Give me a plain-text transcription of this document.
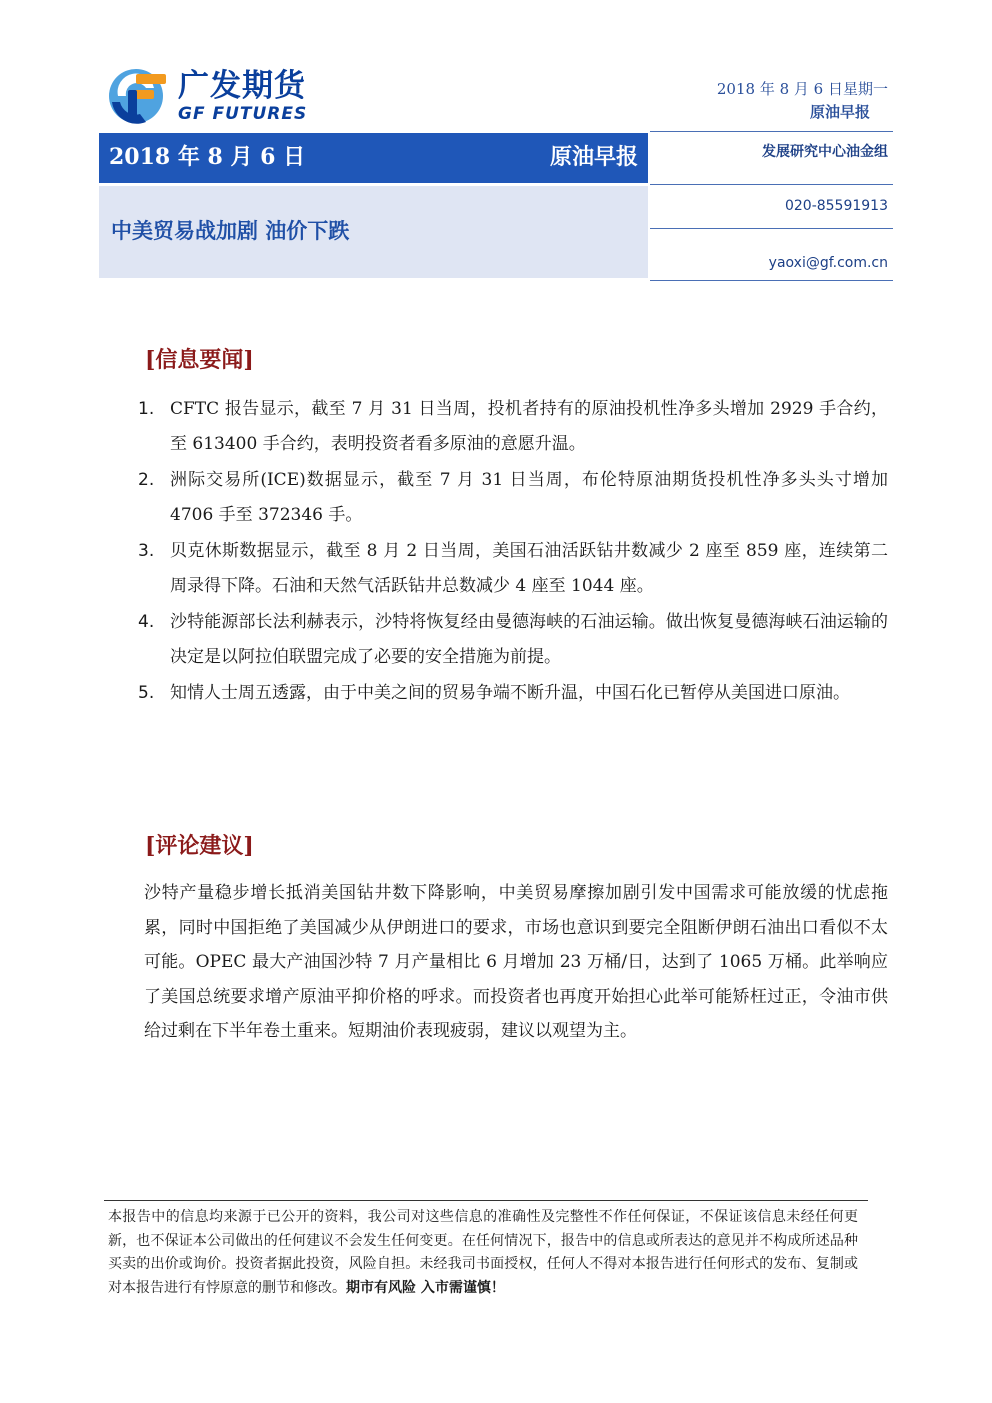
广发期货
GF FUTURES
2018 年 8 月 6 日星期一
原油早报
发展研究中心油金组
020-85591913
yaoxi@gf.com.cn
2018 年 8 月 6 日	原油早报
中美贸易战加剧 油价下跌
[信息要闻]
1. CFTC 报告显示，截至 7 月 31 日当周，投机者持有的原油投机性净多头增加 2929 手合约，至 613400 手合约，表明投资者看多原油的意愿升温。
2. 洲际交易所(ICE)数据显示，截至 7 月 31 日当周，布伦特原油期货投机性净多头头寸增加 4706 手至 372346 手。
3. 贝克休斯数据显示，截至 8 月 2 日当周，美国石油活跃钻井数减少 2 座至 859 座，连续第二周录得下降。石油和天然气活跃钻井总数减少 4 座至 1044 座。
4. 沙特能源部长法利赫表示，沙特将恢复经由曼德海峡的石油运输。做出恢复曼德海峡石油运输的决定是以阿拉伯联盟完成了必要的安全措施为前提。
5. 知情人士周五透露，由于中美之间的贸易争端不断升温，中国石化已暂停从美国进口原油。
[评论建议]
沙特产量稳步增长抵消美国钻井数下降影响，中美贸易摩擦加剧引发中国需求可能放缓的忧虑拖累，同时中国拒绝了美国减少从伊朗进口的要求，市场也意识到要完全阻断伊朗石油出口看似不太可能。OPEC 最大产油国沙特 7 月产量相比 6 月增加 23 万桶/日，达到了 1065 万桶。此举响应了美国总统要求增产原油平抑价格的呼求。而投资者也再度开始担心此举可能矫枉过正，令油市供给过剩在下半年卷土重来。短期油价表现疲弱，建议以观望为主。
本报告中的信息均来源于已公开的资料，我公司对这些信息的准确性及完整性不作任何保证，不保证该信息未经任何更新，也不保证本公司做出的任何建议不会发生任何变更。在任何情况下，报告中的信息或所表达的意见并不构成所述品种买卖的出价或询价。投资者据此投资，风险自担。未经我司书面授权，任何人不得对本报告进行任何形式的发布、复制或对本报告进行有悖原意的删节和修改。期市有风险 入市需谨慎！
